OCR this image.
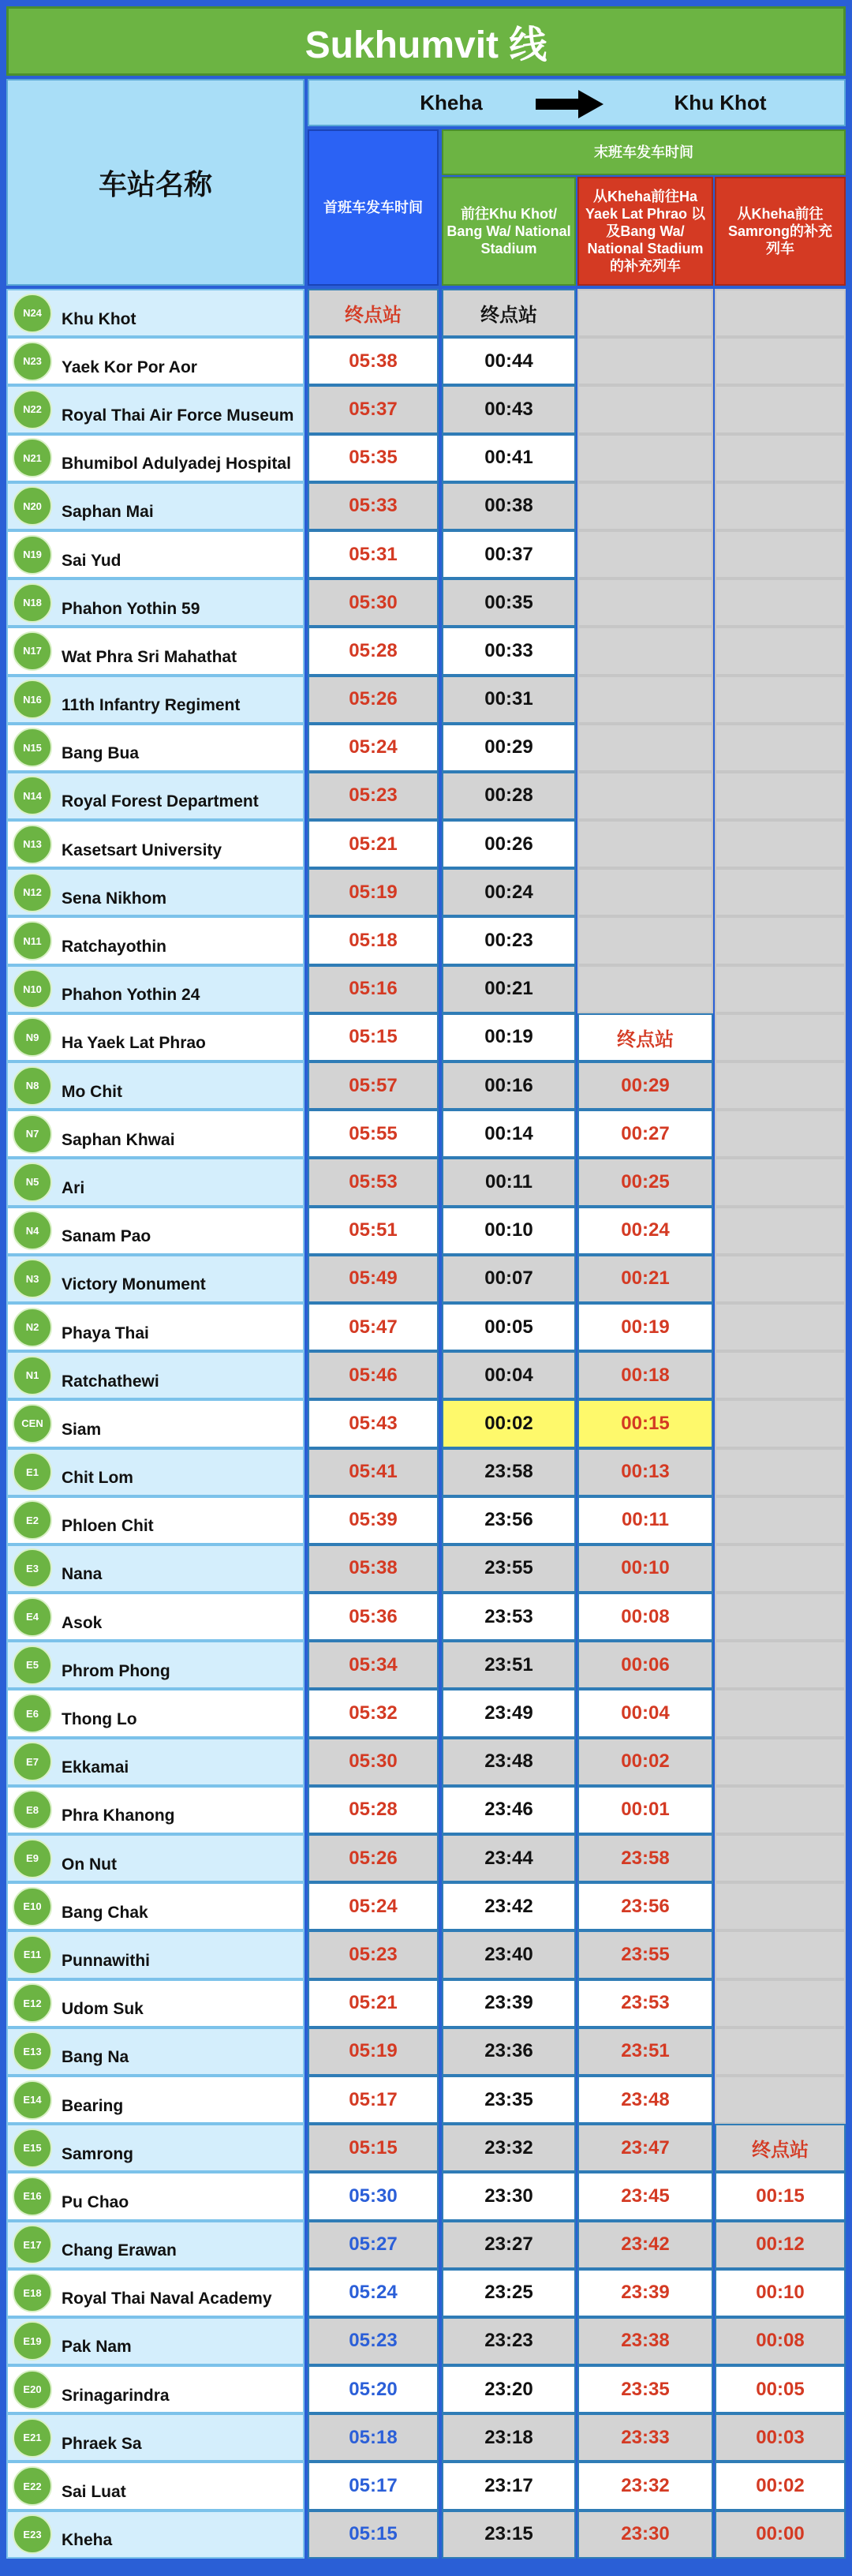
Sukhumvit 线
车站名称
Kheha	Khu Khot
首班车发车时间
末班车发车时间
前往Khu Khot/ Bang Wa/ National Stadium
从Kheha前往Ha Yaek Lat Phrao 以及Bang Wa/ National Stadium 的补充列车
从Kheha前往 Samrong的补充 列车
N24	Khu Khot	终点站	终点站
N23	Yaek Kor Por Aor	05:38	00:44
N22	Royal Thai Air Force Museum	05:37	00:43
N21	Bhumibol Adulyadej Hospital	05:35	00:41
N20	Saphan Mai	05:33	00:38
N19	Sai Yud	05:31	00:37
N18	Phahon Yothin 59	05:30	00:35
N17	Wat Phra Sri Mahathat	05:28	00:33
N16	11th Infantry Regiment	05:26	00:31
N15	Bang Bua	05:24	00:29
N14	Royal Forest Department	05:23	00:28
N13	Kasetsart University	05:21	00:26
N12	Sena Nikhom	05:19	00:24
N11	Ratchayothin	05:18	00:23
N10	Phahon Yothin 24	05:16	00:21
N9	Ha Yaek Lat Phrao	05:15	00:19	终点站
N8	Mo Chit	05:57	00:16	00:29
N7	Saphan Khwai	05:55	00:14	00:27
N5	Ari	05:53	00:11	00:25
N4	Sanam Pao	05:51	00:10	00:24
N3	Victory Monument	05:49	00:07	00:21
N2	Phaya Thai	05:47	00:05	00:19
N1	Ratchathewi	05:46	00:04	00:18
CEN	Siam	05:43	00:02	00:15
E1	Chit Lom	05:41	23:58	00:13
E2	Phloen Chit	05:39	23:56	00:11
E3	Nana	05:38	23:55	00:10
E4	Asok	05:36	23:53	00:08
E5	Phrom Phong	05:34	23:51	00:06
E6	Thong Lo	05:32	23:49	00:04
E7	Ekkamai	05:30	23:48	00:02
E8	Phra Khanong	05:28	23:46	00:01
E9	On Nut	05:26	23:44	23:58
E10	Bang Chak	05:24	23:42	23:56
E11	Punnawithi	05:23	23:40	23:55
E12	Udom Suk	05:21	23:39	23:53
E13	Bang Na	05:19	23:36	23:51
E14	Bearing	05:17	23:35	23:48
E15	Samrong	05:15	23:32	23:47	终点站
E16	Pu Chao	05:30	23:30	23:45	00:15
E17	Chang Erawan	05:27	23:27	23:42	00:12
E18	Royal Thai Naval Academy	05:24	23:25	23:39	00:10
E19	Pak Nam	05:23	23:23	23:38	00:08
E20	Srinagarindra	05:20	23:20	23:35	00:05
E21	Phraek Sa	05:18	23:18	23:33	00:03
E22	Sai Luat	05:17	23:17	23:32	00:02
E23	Kheha	05:15	23:15	23:30	00:00
